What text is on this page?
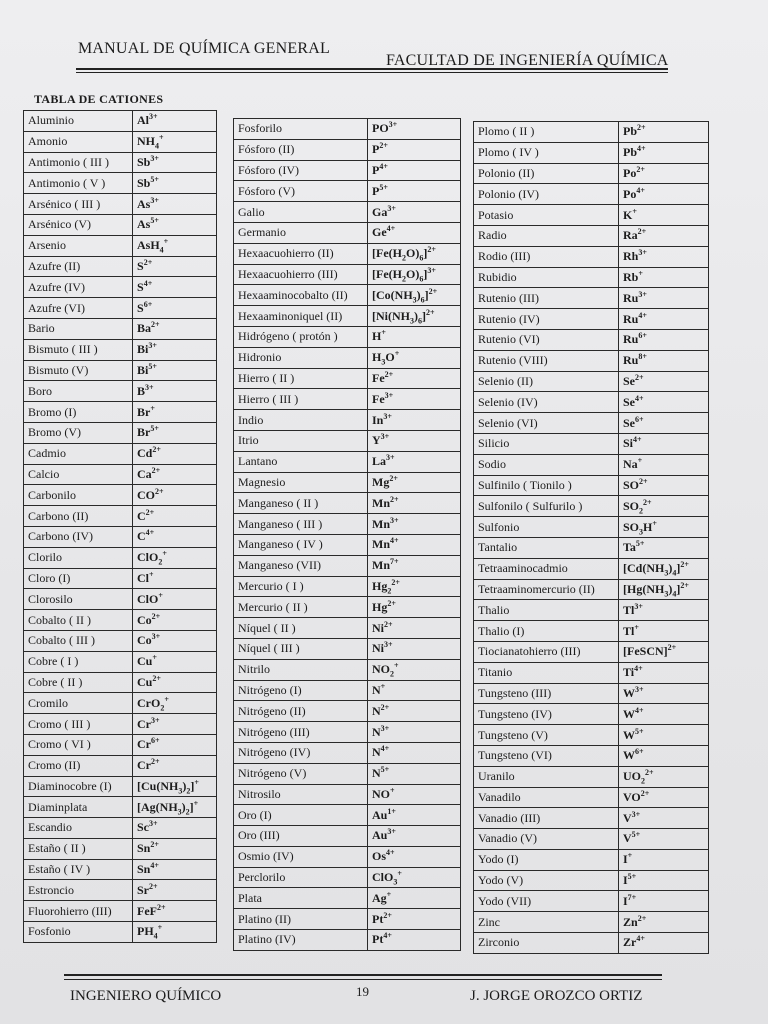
MANUAL DE QUÍMICA GENERAL
FACULTAD DE INGENIERÍA QUÍMICA
TABLA DE CATIONES
Aluminio	$Al^{3+}$
Amonio	$NH_4^+$
Antimonio ( III )	$Sb^{3+}$
Antimonio ( V )	$Sb^{5+}$
Arsénico ( III )	$As^{3+}$
Arsénico (V)	$As^{5+}$
Arsenio	AsH$_4$+
Azufre (II)	$S^{2+}$
Azufre (IV)	$S^{4+}$
Azufre (VI)	$S^{6+}$
Bario	$Ba^{2+}$
Bismuto ( III )	$Bi^{3+}$
Bismuto (V)	$Bi^{5+}$
Boro	$B^{3+}$
Bromo (I)	Br+
Bromo (V)	$Br^{5+}$
Cadmio	$Cd^{2+}$
Calcio	$Ca^{2+}$
Carbonilo	$CO^{2+}$
Carbono (II)	$C^{2+}$
Carbono (IV)	$C^{4+}$
Clorilo	ClO$_2$+
Cloro (I)	Cl+
Clorosilo	ClO+
Cobalto ( II )	$Co^{2+}$
Cobalto ( III )	$Co^{3+}$
Cobre ( I )	Cu+
Cobre ( II )	$Cu^{2+}$
Cromilo	CrO$_2$+
Cromo ( III )	$Cr^{3+}$
Cromo ( VI )	$Cr^{6+}$
Cromo (II)	$Cr^{2+}$
Diaminocobre (I)	$[Cu(NH_3)_2]^+$
Diaminplata	$[Ag(NH_3)_2]^+$
Escandio	$Sc^{3+}$
Estaño ( II )	$Sn^{2+}$
Estaño ( IV )	$Sn^{4+}$
Estroncio	$Sr^{2+}$
Fluorohierro (III)	FeF$^{2+}$
Fosfonio	$PH_4^+$
Fosforilo	$PO^{3+}$
Fósforo (II)	$P^{2+}$
Fósforo (IV)	$P^{4+}$
Fósforo (V)	$P^{5+}$
Galio	$Ga^{3+}$
Germanio	$Ge^{4+}$
Hexaacuohierro (II)	$[Fe(H_2O)_6]^{2+}$
Hexaacuohierro (III)	$[Fe(H_2O)_6]^{3+}$
Hexaaminocobalto (II)	$[Co(NH_3)_6]^{2+}$
Hexaaminoniquel (II)	$[Ni(NH_3)_6]^{2+}$
Hidrógeno ( protón )	H+
Hidronio	$H_3O^+$
Hierro ( II )	$Fe^{2+}$
Hierro ( III )	$Fe^{3+}$
Indio	$In^{3+}$
Itrio	$Y^{3+}$
Lantano	$La^{3+}$
Magnesio	$Mg^{2+}$
Manganeso ( II )	$Mn^{2+}$
Manganeso ( III )	$Mn^{3+}$
Manganeso ( IV )	$Mn^{4+}$
Manganeso (VII)	$Mn^{7+}$
Mercurio ( I )	$Hg_2^{2+}$
Mercurio ( II )	$Hg^{2+}$
Níquel ( II )	$Ni^{2+}$
Níquel ( III )	$Ni^{3+}$
Nitrilo	$NO_2^+$
Nitrógeno (I)	N+
Nitrógeno (II)	$N^{2+}$
Nitrógeno (III)	$N^{3+}$
Nitrógeno (IV)	$N^{4+}$
Nitrógeno (V)	$N^{5+}$
Nitrosilo	NO+
Oro (I)	$Au^{1+}$
Oro (III)	$Au^{3+}$
Osmio (IV)	$Os^{4+}$
Perclorilo	ClO$_3$+
Plata	Ag+
Platino (II)	$Pt^{2+}$
Platino (IV)	$Pt^{4+}$
Plomo ( II )	$Pb^{2+}$
Plomo ( IV )	$Pb^{4+}$
Polonio (II)	$Po^{2+}$
Polonio (IV)	$Po^{4+}$
Potasio	K+
Radio	$Ra^{2+}$
Rodio (III)	$Rh^{3+}$
Rubidio	Rb+
Rutenio (III)	$Ru^{3+}$
Rutenio (IV)	$Ru^{4+}$
Rutenio (VI)	$Ru^{6+}$
Rutenio (VIII)	$Ru^{8+}$
Selenio (II)	$Se^{2+}$
Selenio (IV)	$Se^{4+}$
Selenio (VI)	$Se^{6+}$
Silicio	$Si^{4+}$
Sodio	Na+
Sulfinilo ( Tionilo )	$SO^{2+}$
Sulfonilo ( Sulfurilo )	$SO_2^{2+}$
Sulfonio	$SO_3H^+$
Tantalio	$Ta^{5+}$
Tetraaminocadmio	$[Cd(NH_3)_4]^{2+}$
Tetraaminomercurio (II)	$[Hg(NH_3)_4]^{2+}$
Thalio	$Tl^{3+}$
Thalio (I)	Tl+
Tiocianatohierro (III)	[FeSCN]$^{2+}$
Titanio	$Ti^{4+}$
Tungsteno (III)	$W^{3+}$
Tungsteno (IV)	$W^{4+}$
Tungsteno (V)	$W^{5+}$
Tungsteno (VI)	$W^{6+}$
Uranilo	$UO_2^{2+}$
Vanadilo	$VO^{2+}$
Vanadio (III)	$V^{3+}$
Vanadio (V)	$V^{5+}$
Yodo (I)	I+
Yodo (V)	$I^{5+}$
Yodo (VII)	$I^{7+}$
Zinc	$Zn^{2+}$
Zirconio	$Zr^{4+}$
INGENIERO QUÍMICO	19	J. JORGE OROZCO ORTIZ
